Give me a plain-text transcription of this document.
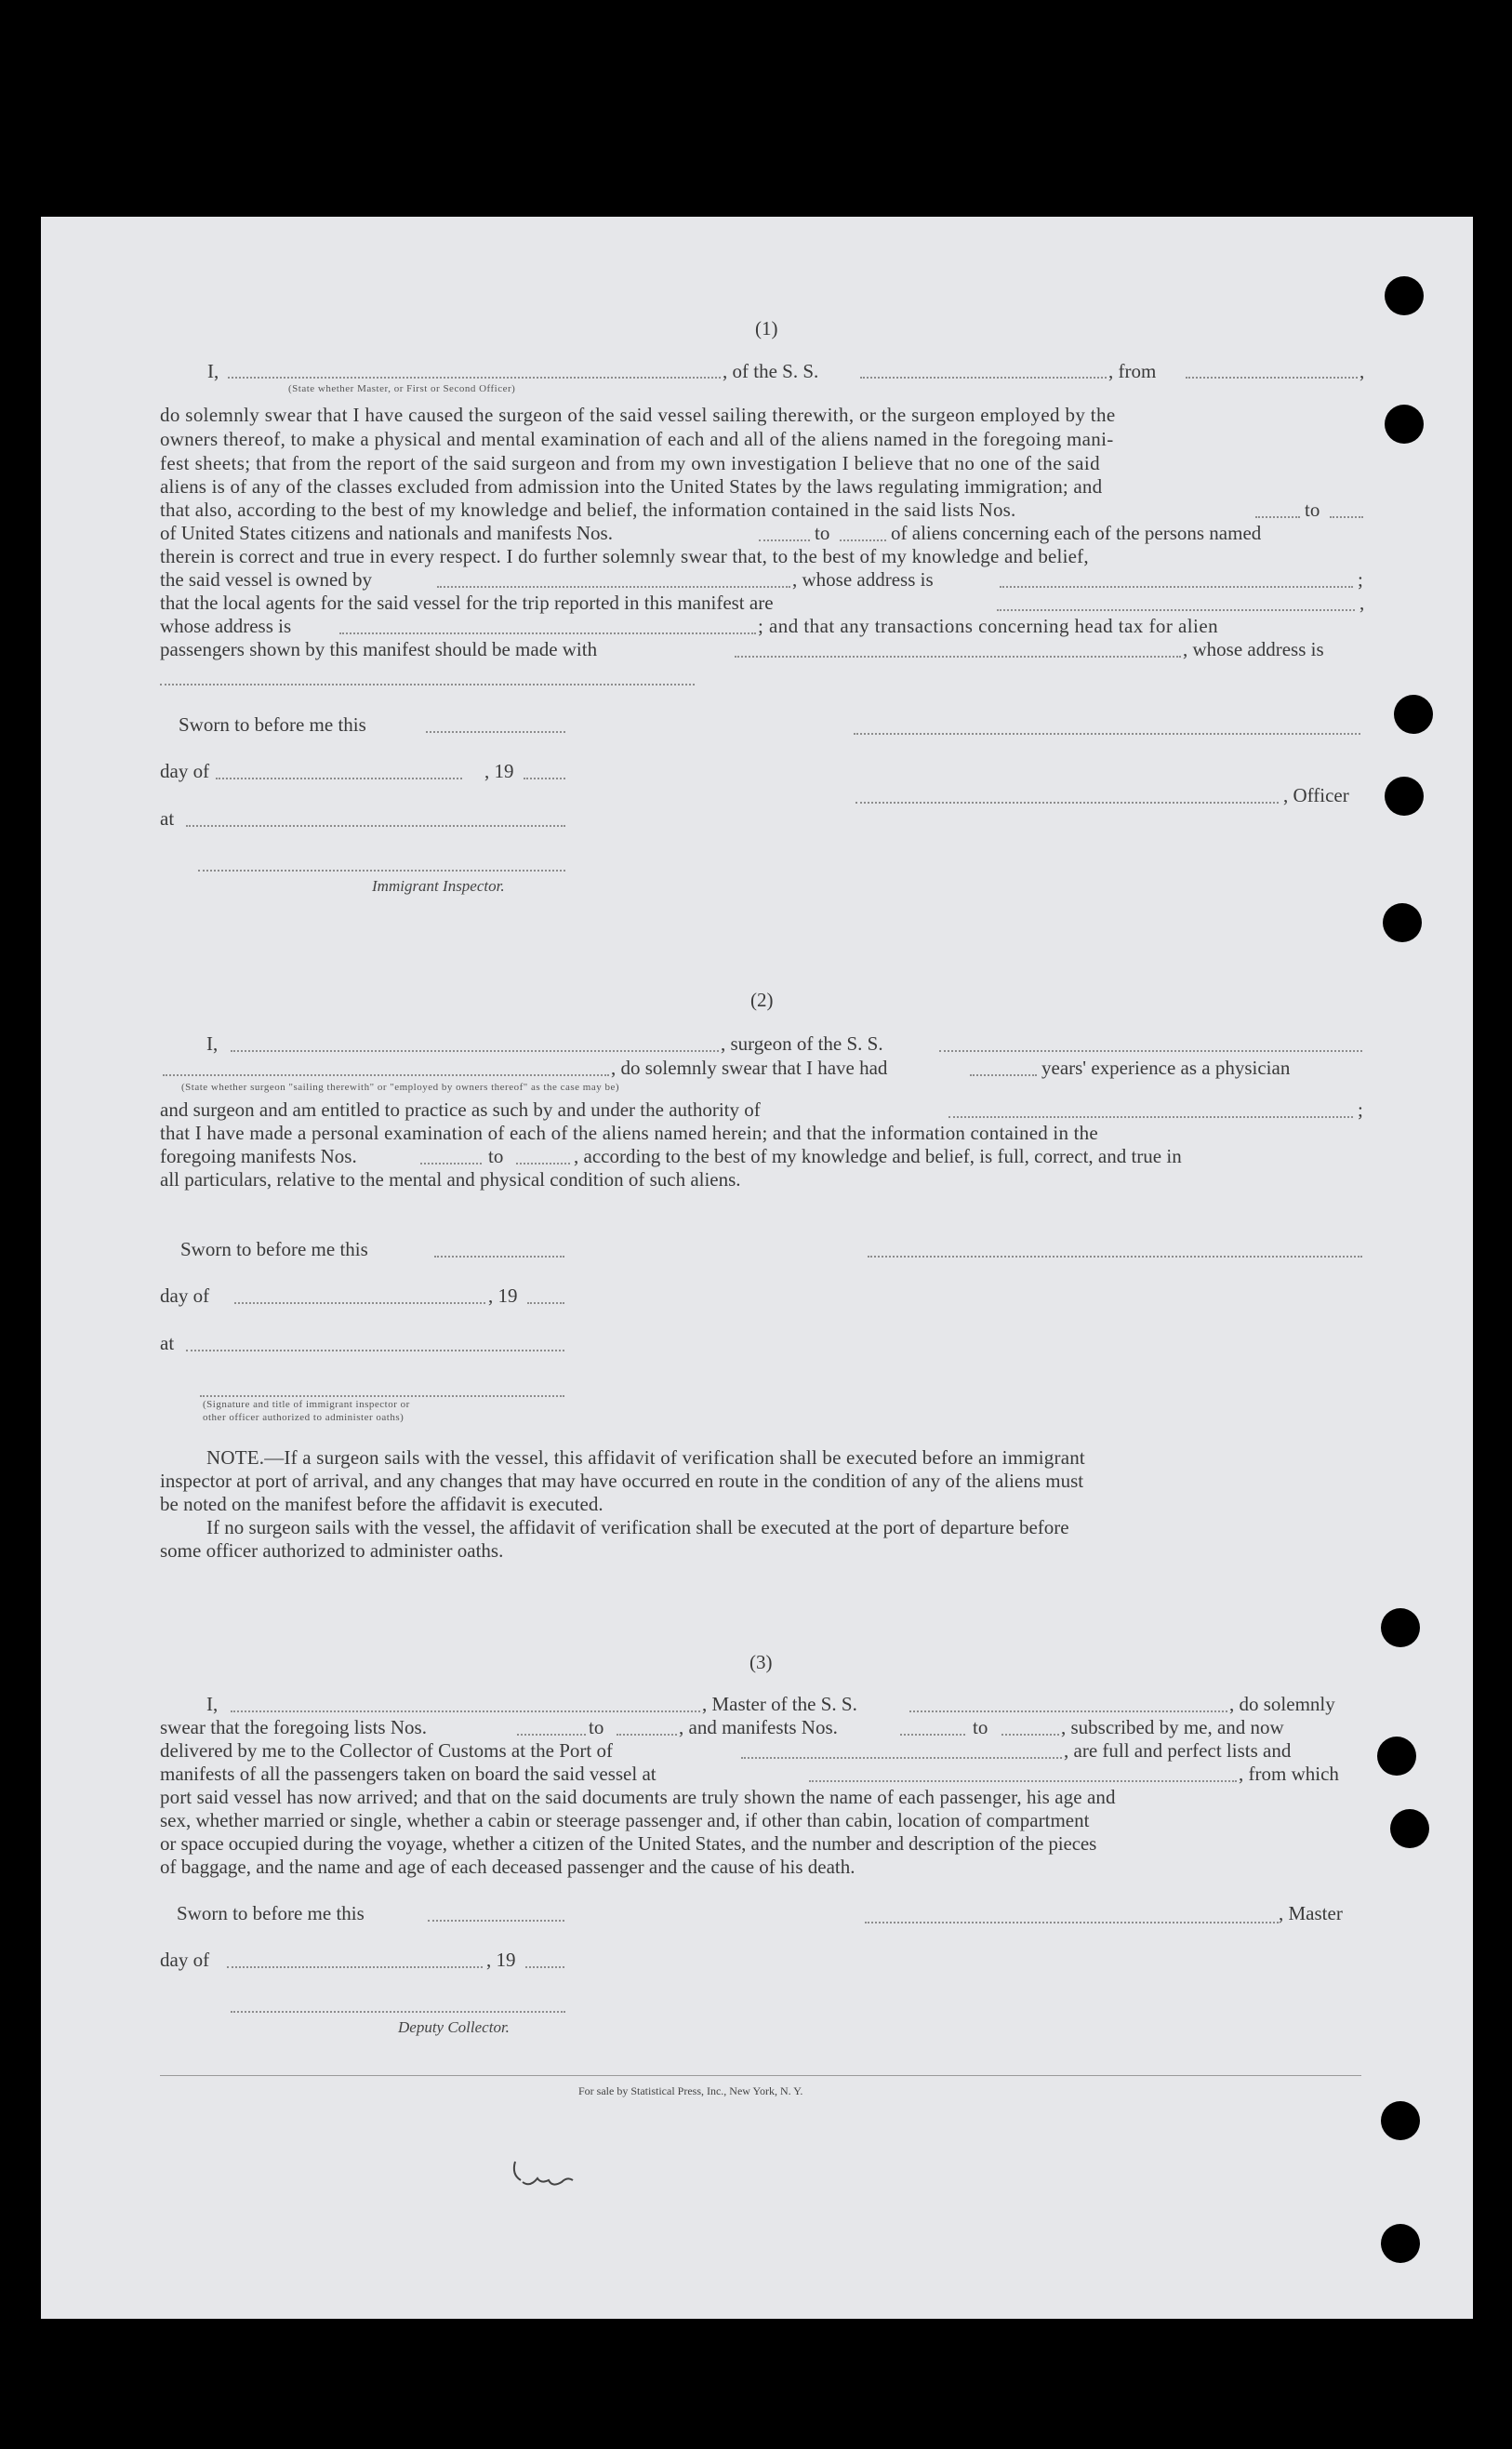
(1)
I,
(State whether Master, or First or Second Officer)
, of the S. S.	, from	,
do solemnly swear that I have caused the surgeon of the said vessel sailing therewith, or the surgeon employed by the
owners thereof, to make a physical and mental examination of each and all of the aliens named in the foregoing mani-
fest sheets; that from the report of the said surgeon and from my own investigation I believe that no one of the said
aliens is of any of the classes excluded from admission into the United States by the laws regulating immigration; and
that also, according to the best of my knowledge and belief, the information contained in the said lists Nos.	to
of United States citizens and nationals and manifests Nos.	to	of aliens concerning each of the persons named
therein is correct and true in every respect. I do further solemnly swear that, to the best of my knowledge and belief,
the said vessel is owned by	, whose address is	;
that the local agents for the said vessel for the trip reported in this manifest are	,
whose address is	; and that any transactions concerning head tax for alien
passengers shown by this manifest should be made with	, whose address is
Sworn to before me this
day of	, 19
, Officer
at
Immigrant Inspector.
(2)
I,	, surgeon of the S. S.
, do solemnly swear that I have had	years' experience as a physician
(State whether surgeon "sailing therewith" or "employed by owners thereof" as the case may be)
and surgeon and am entitled to practice as such by and under the authority of	;
that I have made a personal examination of each of the aliens named herein; and that the information contained in the
foregoing manifests Nos.	to	, according to the best of my knowledge and belief, is full, correct, and true in
all particulars, relative to the mental and physical condition of such aliens.
Sworn to before me this
day of	, 19
at
(Signature and title of immigrant inspector or
other officer authorized to administer oaths)
NOTE.—If a surgeon sails with the vessel, this affidavit of verification shall be executed before an immigrant
inspector at port of arrival, and any changes that may have occurred en route in the condition of any of the aliens must
be noted on the manifest before the affidavit is executed.
If no surgeon sails with the vessel, the affidavit of verification shall be executed at the port of departure before
some officer authorized to administer oaths.
(3)
I,	, Master of the S. S.	, do solemnly
swear that the foregoing lists Nos.	to	, and manifests Nos.	to	, subscribed by me, and now
delivered by me to the Collector of Customs at the Port of	, are full and perfect lists and
manifests of all the passengers taken on board the said vessel at	, from which
port said vessel has now arrived; and that on the said documents are truly shown the name of each passenger, his age and
sex, whether married or single, whether a cabin or steerage passenger and, if other than cabin, location of compartment
or space occupied during the voyage, whether a citizen of the United States, and the number and description of the pieces
of baggage, and the name and age of each deceased passenger and the cause of his death.
Sworn to before me this	, Master
day of	, 19
Deputy Collector.
For sale by Statistical Press, Inc., New York, N. Y.
